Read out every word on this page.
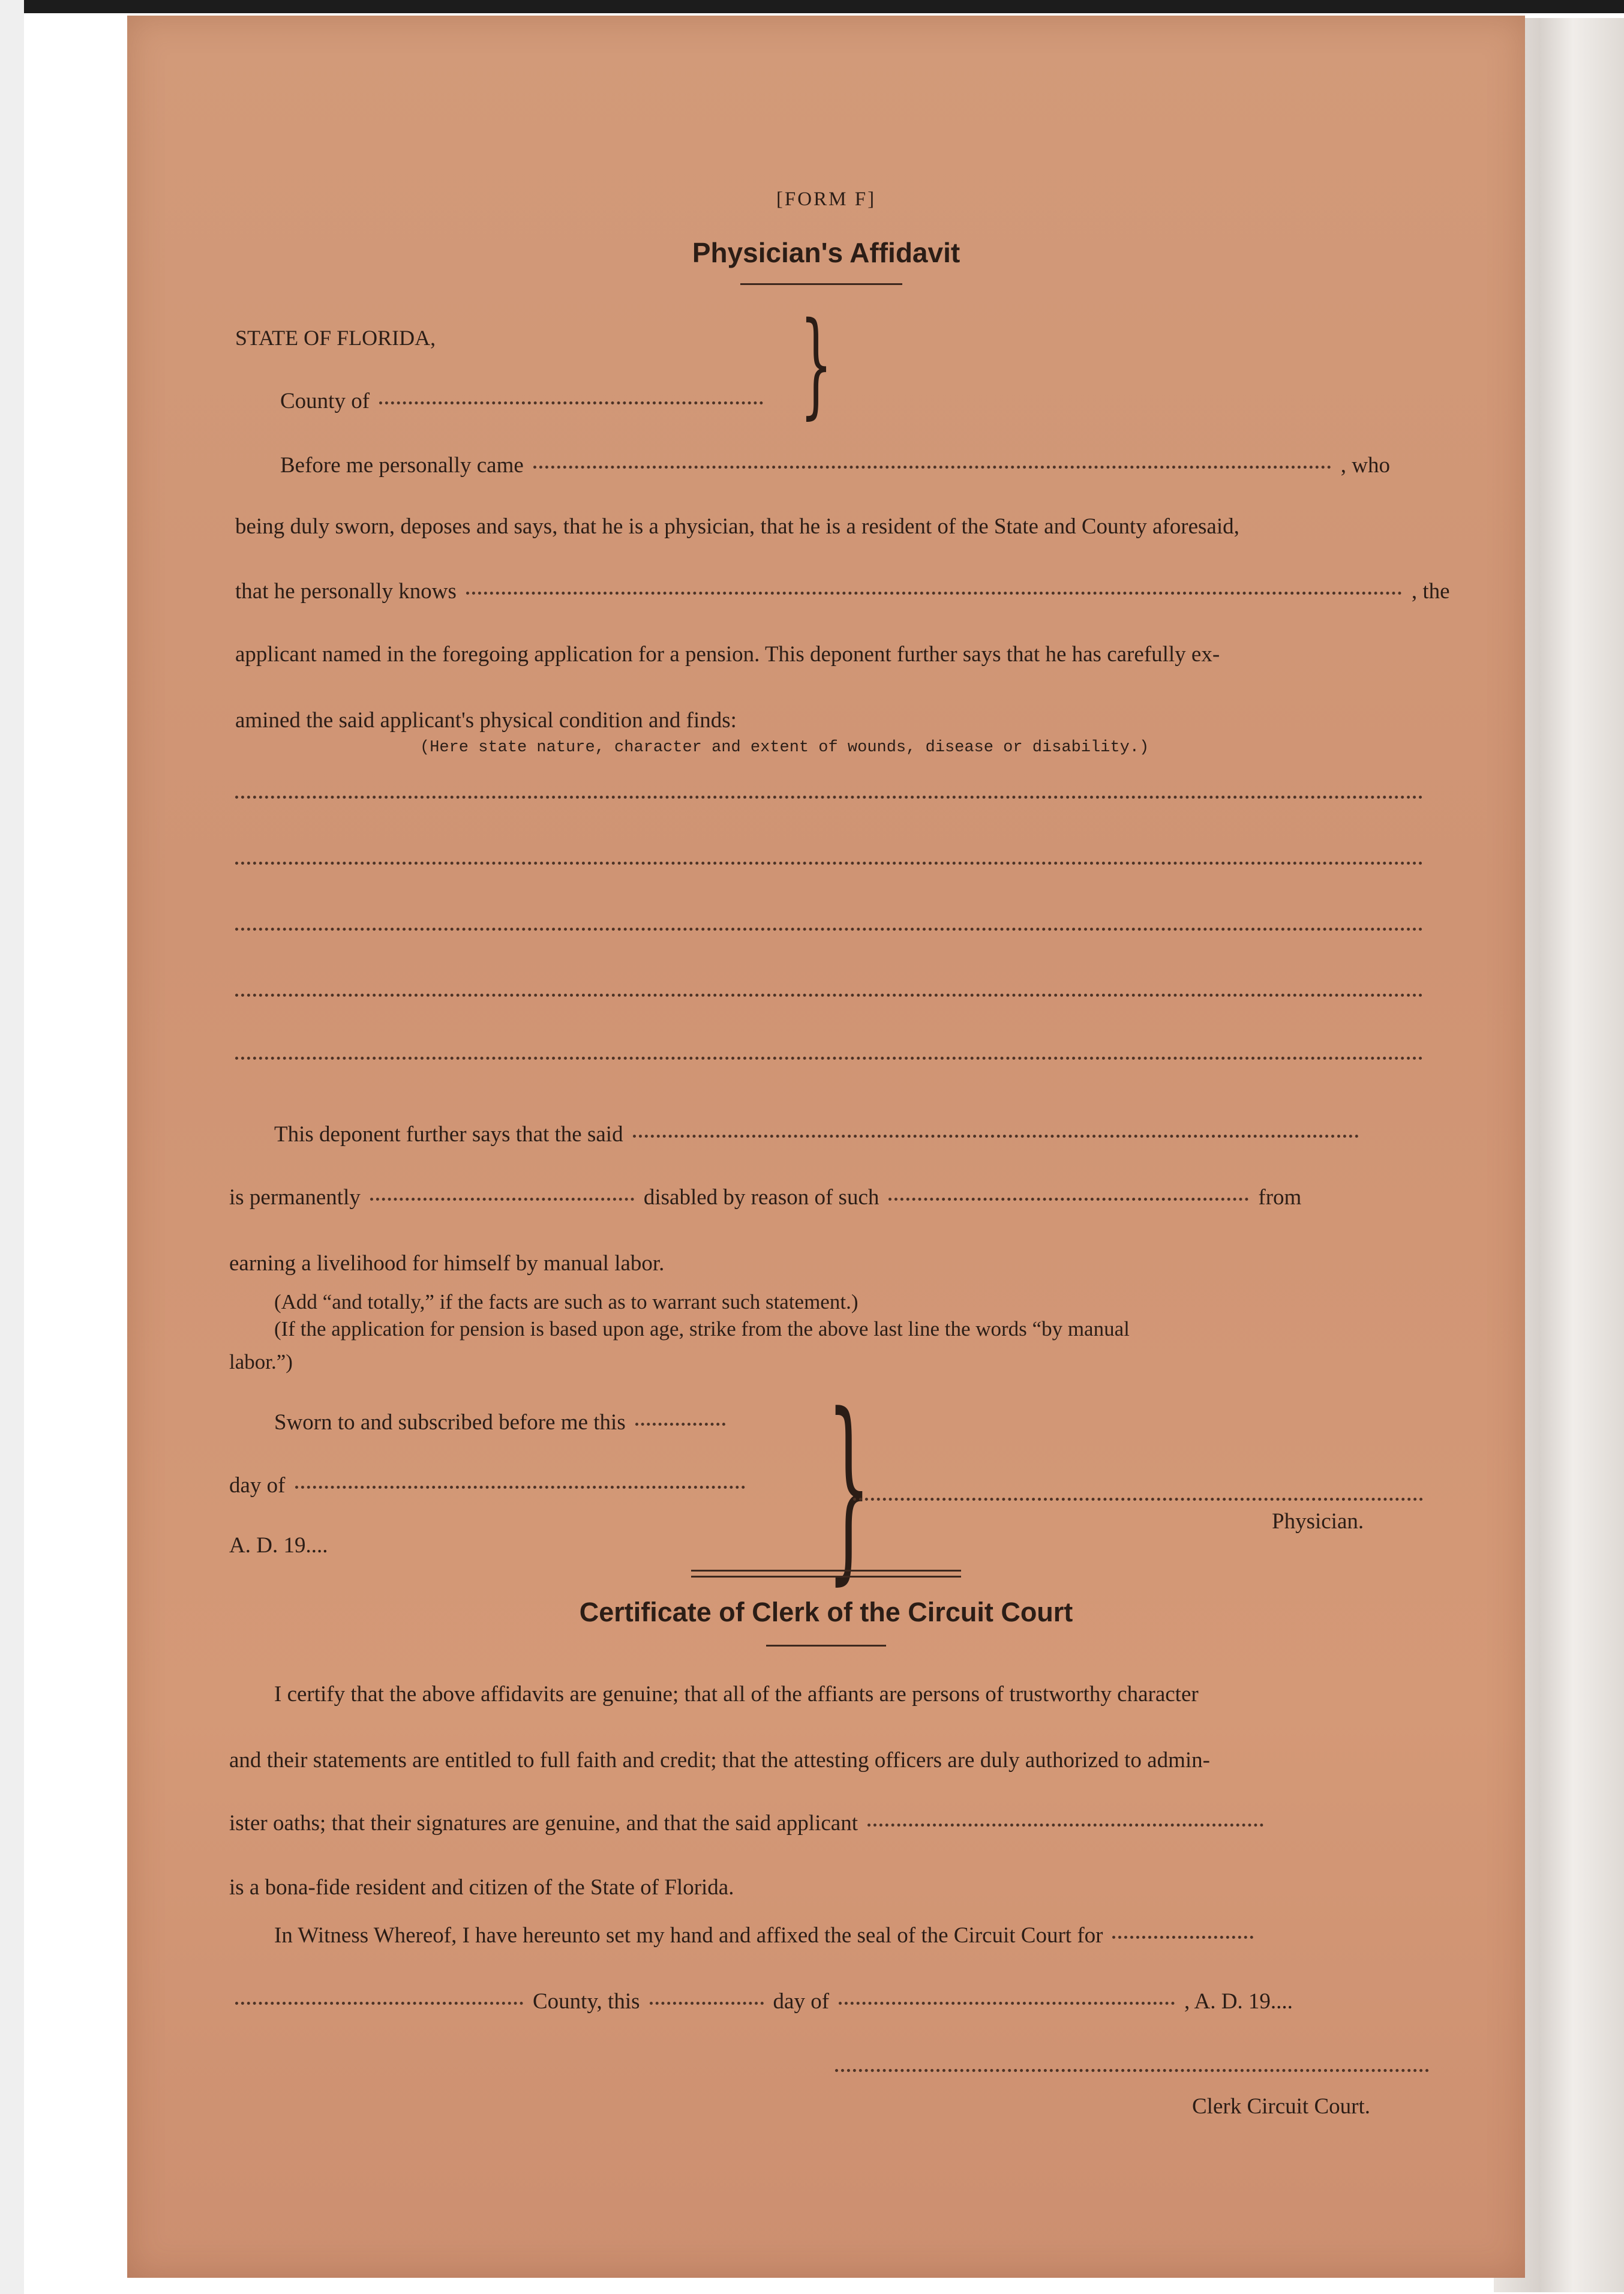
[FORM F]
Physician's Affidavit
STATE OF FLORIDA,
County of	}
Before me personally came	, who
being duly sworn, deposes and says, that he is a physician, that he is a resident of the State and County aforesaid,
that he personally knows	, the
applicant named in the foregoing application for a pension. This deponent further says that he has carefully ex-
amined the said applicant's physical condition and finds:
(Here state nature, character and extent of wounds, disease or disability.)
This deponent further says that the said
is permanently	disabled by reason of such	from
earning a livelihood for himself by manual labor.
(Add “and totally,” if the facts are such as to warrant such statement.)
(If the application for pension is based upon age, strike from the above last line the words “by manual
labor.”)
Sworn to and subscribed before me this
day of
A. D. 19....	}	Physician.
Certificate of Clerk of the Circuit Court
I certify that the above affidavits are genuine; that all of the affiants are persons of trustworthy character
and their statements are entitled to full faith and credit; that the attesting officers are duly authorized to admin-
ister oaths; that their signatures are genuine, and that the said applicant
is a bona-fide resident and citizen of the State of Florida.
In Witness Whereof, I have hereunto set my hand and affixed the seal of the Circuit Court for
County, this	day of	, A. D. 19....
Clerk Circuit Court.
